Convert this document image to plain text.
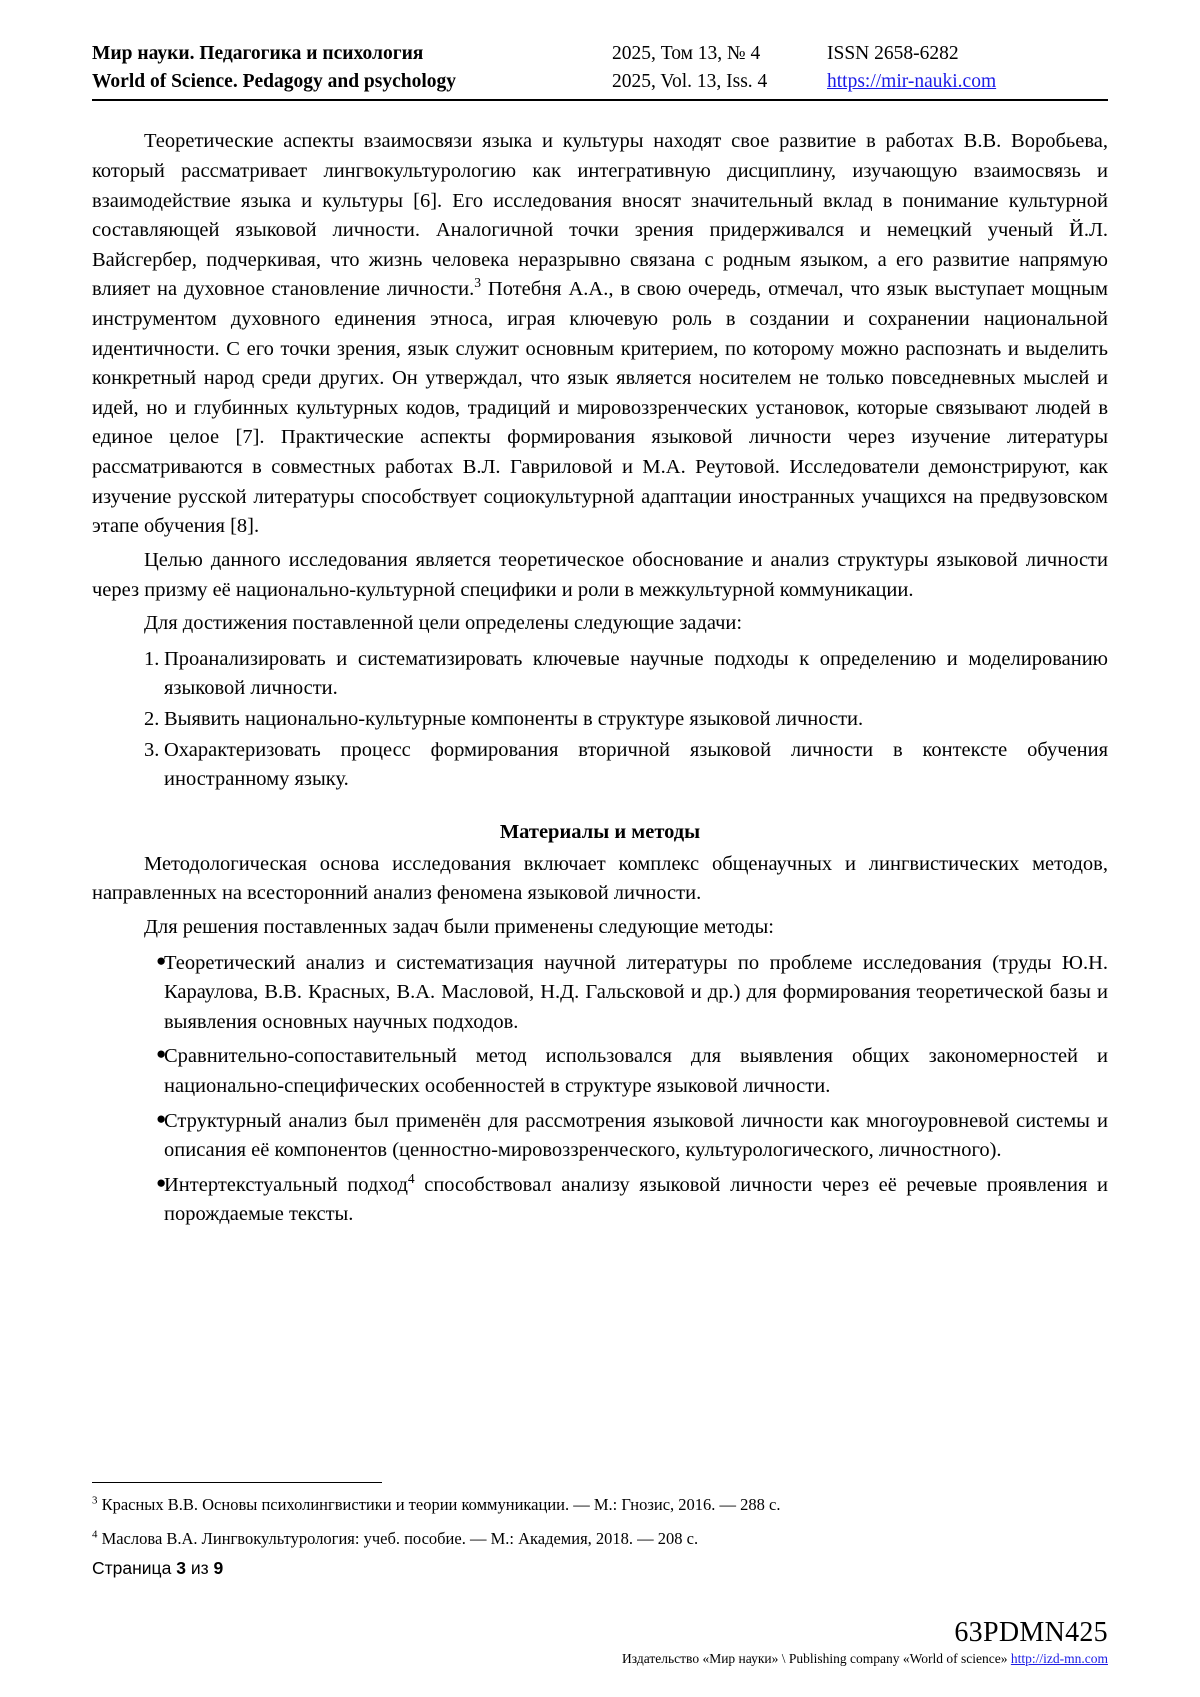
Мир науки. Педагогика и психология	2025, Том 13, № 4	ISSN 2658-6282
World of Science. Pedagogy and psychology	2025, Vol. 13, Iss. 4	https://mir-nauki.com

Теоретические аспекты взаимосвязи языка и культуры находят свое развитие в работах В.В. Воробьева, который рассматривает лингвокультурологию как интегративную дисциплину, изучающую взаимосвязь и взаимодействие языка и культуры [6]. Его исследования вносят значительный вклад в понимание культурной составляющей языковой личности. Аналогичной точки зрения придерживался и немецкий ученый Й.Л. Вайсгербер, подчеркивая, что жизнь человека неразрывно связана с родным языком, а его развитие напрямую влияет на духовное становление личности.$^3$ Потебня А.А., в свою очередь, отмечал, что язык выступает мощным инструментом духовного единения этноса, играя ключевую роль в создании и сохранении национальной идентичности. С его точки зрения, язык служит основным критерием, по которому можно распознать и выделить конкретный народ среди других. Он утверждал, что язык является носителем не только повседневных мыслей и идей, но и глубинных культурных кодов, традиций и мировоззренческих установок, которые связывают людей в единое целое [7]. Практические аспекты формирования языковой личности через изучение литературы рассматриваются в совместных работах В.Л. Гавриловой и М.А. Реутовой. Исследователи демонстрируют, как изучение русской литературы способствует социокультурной адаптации иностранных учащихся на предвузовском этапе обучения [8].

Целью данного исследования является теоретическое обоснование и анализ структуры языковой личности через призму её национально-культурной специфики и роли в межкультурной коммуникации.

Для достижения поставленной цели определены следующие задачи:

1. Проанализировать и систематизировать ключевые научные подходы к определению и моделированию языковой личности.
2. Выявить национально-культурные компоненты в структуре языковой личности.
3. Охарактеризовать процесс формирования вторичной языковой личности в контексте обучения иностранному языку.
Материалы и методы

Методологическая основа исследования включает комплекс общенаучных и лингвистических методов, направленных на всесторонний анализ феномена языковой личности.

Для решения поставленных задач были применены следующие методы:

●
Теоретический анализ и систематизация научной литературы по проблеме исследования (труды Ю.Н. Караулова, В.В. Красных, В.А. Масловой, Н.Д. Гальсковой и др.) для формирования теоретической базы и выявления основных научных подходов.
●
Сравнительно-сопоставительный метод использовался для выявления общих закономерностей и национально-специфических особенностей в структуре языковой личности.
●
Структурный анализ был применён для рассмотрения языковой личности как многоуровневой системы и описания её компонентов (ценностно-мировоззренческого, культурологического, личностного).
●
Интертекстуальный подход$^4$ способствовал анализу языковой личности через её речевые проявления и порождаемые тексты.
$^3$ Красных В.В. Основы психолингвистики и теории коммуникации. — М.: Гнозис, 2016. — 288 с.
$^4$ Маслова В.А. Лингвокультурология: учеб. пособие. — М.: Академия, 2018. — 208 с.
Страница 3 из 9
63PDMN425
Издательство «Мир науки» \ Publishing company «World of science» http://izd-mn.com
